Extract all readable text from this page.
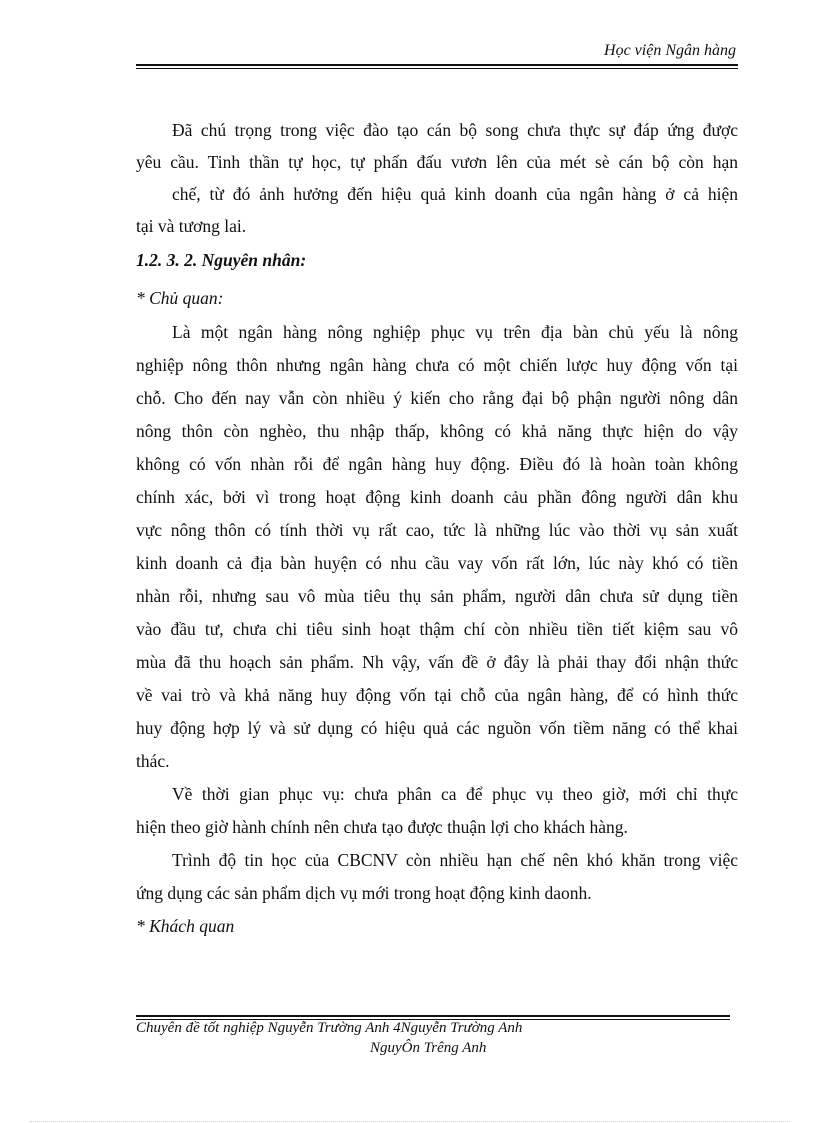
Học viện Ngân hàng
Đã chú trọng trong việc đào tạo cán bộ song chưa thực sự đáp ứng được
yêu cầu. Tinh thần tự học, tự phấn đấu vươn lên của mét sè cán bộ còn hạn
chế, từ đó ảnh hưởng đến hiệu quả kinh doanh của ngân hàng ở cả hiện
tại và tương lai.
1.2. 3. 2. Nguyên nhân:
* Chủ quan:
Là một ngân hàng nông nghiệp phục vụ trên địa bàn chủ yếu là nông
nghiệp nông thôn nhưng ngân hàng chưa có một chiến lược huy động vốn tại
chỗ. Cho đến nay vẫn còn nhiều ý kiến cho rằng đại bộ phận người nông dân
nông thôn còn nghèo, thu nhập thấp, không có khả năng thực hiện do vậy
không có vốn nhàn rỗi để ngân hàng huy động. Điều đó là hoàn toàn không
chính xác, bởi vì trong hoạt động kinh doanh cảu phần đông người dân khu
vực nông thôn có tính thời vụ rất cao, tức là những lúc vào thời vụ sản xuất
kinh doanh cả địa bàn huyện có nhu cầu vay vốn rất lớn, lúc này khó có tiền
nhàn rỗi, nhưng sau vô mùa tiêu thụ sản phẩm, người dân chưa sử dụng tiền
vào đầu tư, chưa chi tiêu sinh hoạt thậm chí còn nhiều tiền tiết kiệm sau vô
mùa đã thu hoạch sản phẩm. Nh vậy, vấn đề ở đây là phải thay đổi nhận thức
về vai trò và khả năng huy động vốn tại chỗ của ngân hàng, để có hình thức
huy động hợp lý và sử dụng có hiệu quả các nguồn vốn tiềm năng có thể khai
thác.
Về thời gian phục vụ: chưa phân ca để phục vụ theo giờ, mới chỉ thực
hiện theo giờ hành chính nên chưa tạo được thuận lợi cho khách hàng.
Trình độ tin học của CBCNV còn nhiều hạn chế nên khó khăn trong việc
ứng dụng các sản phẩm dịch vụ mới trong hoạt động kinh daonh.
* Khách quan
Chuyên đề tốt nghiệp Nguyễn Trường Anh 4Nguyễn Trường Anh
NguyÔn Trêng Anh
